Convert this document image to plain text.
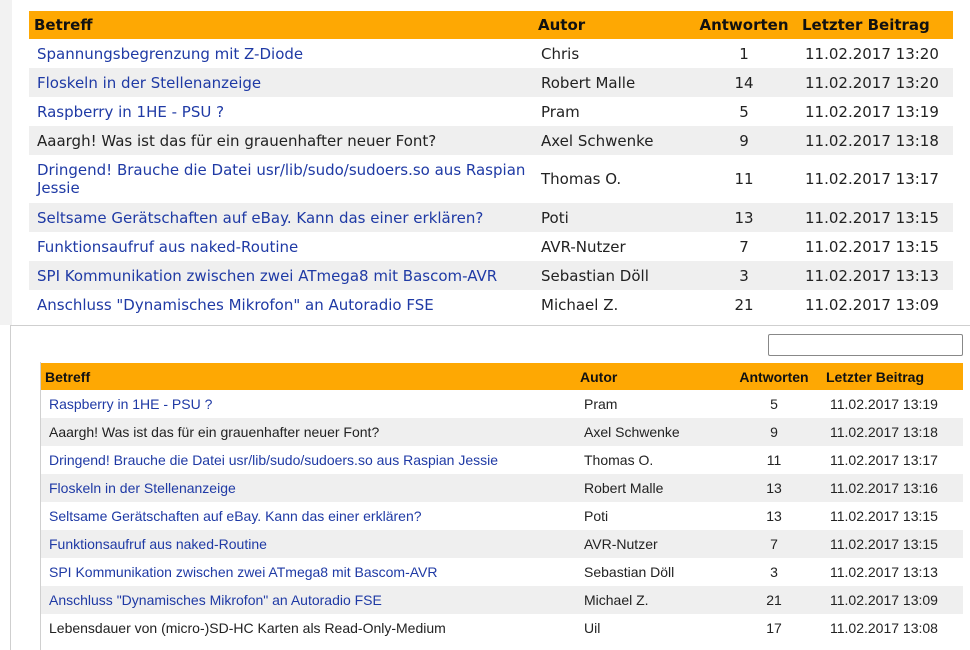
Betreff	Autor	Antworten	Letzter Beitrag
Spannungsbegrenzung mit Z-Diode	Chris	1	11.02.2017 13:20
Floskeln in der Stellenanzeige	Robert Malle	14	11.02.2017 13:20
Raspberry in 1HE - PSU ?	Pram	5	11.02.2017 13:19
Aaargh! Was ist das für ein grauenhafter neuer Font?	Axel Schwenke	9	11.02.2017 13:18
Dringend! Brauche die Datei usr/lib/sudo/sudoers.so aus Raspian Jessie	Thomas O.	11	11.02.2017 13:17
Seltsame Gerätschaften auf eBay. Kann das einer erklären?	Poti	13	11.02.2017 13:15
Funktionsaufruf aus naked-Routine	AVR-Nutzer	7	11.02.2017 13:15
SPI Kommunikation zwischen zwei ATmega8 mit Bascom-AVR	Sebastian Döll	3	11.02.2017 13:13
Anschluss "Dynamisches Mikrofon" an Autoradio FSE	Michael Z.	21	11.02.2017 13:09
Betreff	Autor	Antworten	Letzter Beitrag
Raspberry in 1HE - PSU ?	Pram	5	11.02.2017 13:19
Aaargh! Was ist das für ein grauenhafter neuer Font?	Axel Schwenke	9	11.02.2017 13:18
Dringend! Brauche die Datei usr/lib/sudo/sudoers.so aus Raspian Jessie	Thomas O.	11	11.02.2017 13:17
Floskeln in der Stellenanzeige	Robert Malle	13	11.02.2017 13:16
Seltsame Gerätschaften auf eBay. Kann das einer erklären?	Poti	13	11.02.2017 13:15
Funktionsaufruf aus naked-Routine	AVR-Nutzer	7	11.02.2017 13:15
SPI Kommunikation zwischen zwei ATmega8 mit Bascom-AVR	Sebastian Döll	3	11.02.2017 13:13
Anschluss "Dynamisches Mikrofon" an Autoradio FSE	Michael Z.	21	11.02.2017 13:09
Lebensdauer von (micro-)SD-HC Karten als Read-Only-Medium	Uil	17	11.02.2017 13:08
